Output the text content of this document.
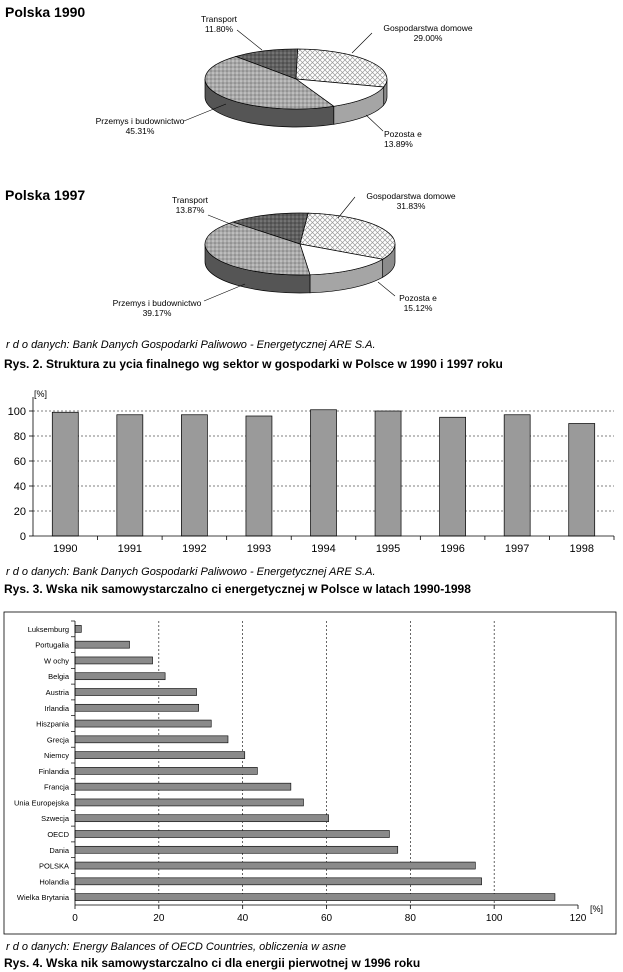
Polska 1990	Transport
11.80%	Gospodarstwa domowe
29.00%
Pozosta e
13.89%
Przemys i budownictwo
45.31%
Polska 1997	Transport
13.87%
Gospodarstwa domowe
31.83%
Pozosta e
15.12%
Przemys i budownictwo
39.17%
r d o danych: Bank Danych Gospodarki Paliwowo - Energetycznej ARE S.A.
Rys. 2. Struktura zu ycia finalnego wg sektor w gospodarki w Polsce w 1990 i 1997 roku
[%]
0
20
40
60
80
100
1990	1991	1992	1993	1994	1995	1996	1997	1998
r d o danych: Bank Danych Gospodarki Paliwowo - Energetycznej ARE S.A.
Rys. 3. Wska nik samowystarczalno ci energetycznej w Polsce w latach 1990-1998
0	20	40	60	80	100	120
Luksemburg
Portugalia
W ochy
Belgia
Austria
Irlandia
Hiszpania
Grecja
Niemcy
Finlandia
Francja
Unia Europejska
Szwecja
OECD
Dania
POLSKA
Holandia
Wielka Brytania
[%]
r d o danych: Energy Balances of OECD Countries, obliczenia w asne
Rys. 4. Wska nik samowystarczalno ci dla energii pierwotnej w 1996 roku
